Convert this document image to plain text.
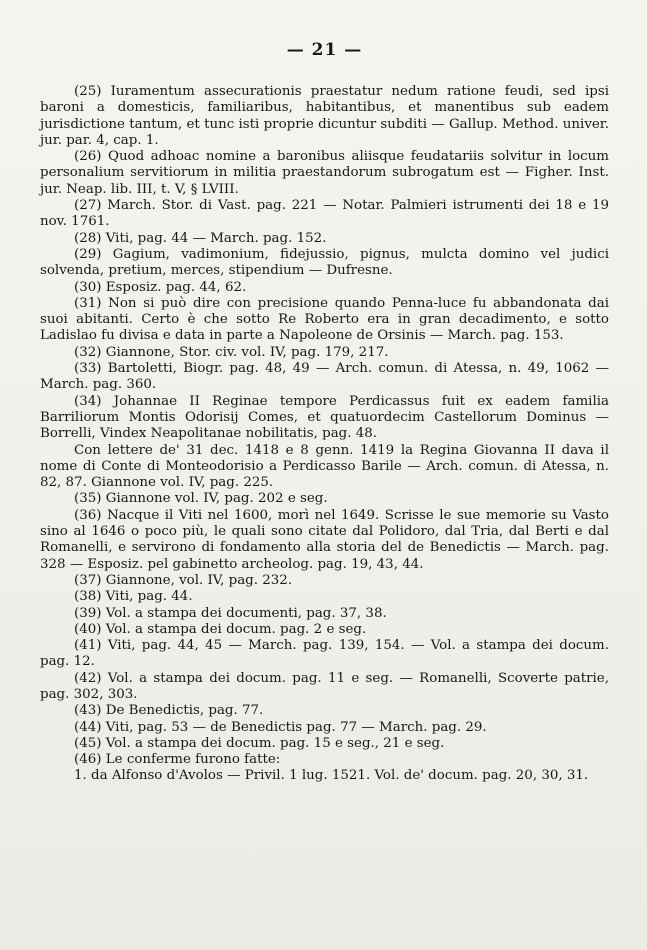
— 21 —

(25) Iuramentum assecurationis praestatur nedum ratione feudi, sed ipsi baroni a domesticis, familiaribus, habitantibus, et manentibus sub eadem jurisdictione tantum, et tunc isti proprie dicuntur subditi — Gallup. Method. univer. jur. par. 4, cap. 1.

(26) Quod adhoac nomine a baronibus aliisque feudatariis solvitur in locum personalium servitiorum in militia praestandorum subrogatum est — Figher. Inst. jur. Neap. lib. III, t. V, § LVIII.

(27) March. Stor. di Vast. pag. 221 — Notar. Palmieri istrumenti dei 18 e 19 nov. 1761.

(28) Viti, pag. 44 — March. pag. 152.

(29) Gagium, vadimonium, fidejussio, pignus, mulcta domino vel judici solvenda, pretium, merces, stipendium — Dufresne.

(30) Esposiz. pag. 44, 62.

(31) Non si può dire con precisione quando Penna-luce fu abbandonata dai suoi abitanti. Certo è che sotto Re Roberto era in gran decadimento, e sotto Ladislao fu divisa e data in parte a Napoleone de Orsinis — March. pag. 153.

(32) Giannone, Stor. civ. vol. IV, pag. 179, 217.

(33) Bartoletti, Biogr. pag. 48, 49 — Arch. comun. di Atessa, n. 49, 1062 — March. pag. 360.

(34) Johannae II Reginae tempore Perdicassus fuit ex eadem familia Barriliorum Montis Odorisij Comes, et quatuordecim Castellorum Dominus — Borrelli, Vindex Neapolitanae nobilitatis, pag. 48.

Con lettere de' 31 dec. 1418 e 8 genn. 1419 la Regina Giovanna II dava il nome di Conte di Monteodorisio a Perdicasso Barile — Arch. comun. di Atessa, n. 82, 87. Giannone vol. IV, pag. 225.

(35) Giannone vol. IV, pag. 202 e seg.

(36) Nacque il Viti nel 1600, morì nel 1649. Scrisse le sue memorie su Vasto sino al 1646 o poco più, le quali sono citate dal Polidoro, dal Tria, dal Berti e dal Romanelli, e servirono di fondamento alla storia del de Benedictis — March. pag. 328 — Esposiz. pel gabinetto archeolog. pag. 19, 43, 44.

(37) Giannone, vol. IV, pag. 232.

(38) Viti, pag. 44.

(39) Vol. a stampa dei documenti, pag. 37, 38.

(40) Vol. a stampa dei docum. pag. 2 e seg.

(41) Viti, pag. 44, 45 — March. pag. 139, 154. — Vol. a stampa dei docum. pag. 12.

(42) Vol. a stampa dei docum. pag. 11 e seg. — Romanelli, Scoverte patrie, pag. 302, 303.

(43) De Benedictis, pag. 77.

(44) Viti, pag. 53 — de Benedictis pag. 77 — March. pag. 29.

(45) Vol. a stampa dei docum. pag. 15 e seg., 21 e seg.

(46) Le conferme furono fatte:

1. da Alfonso d'Avolos — Privil. 1 lug. 1521. Vol. de' docum. pag. 20, 30, 31.
